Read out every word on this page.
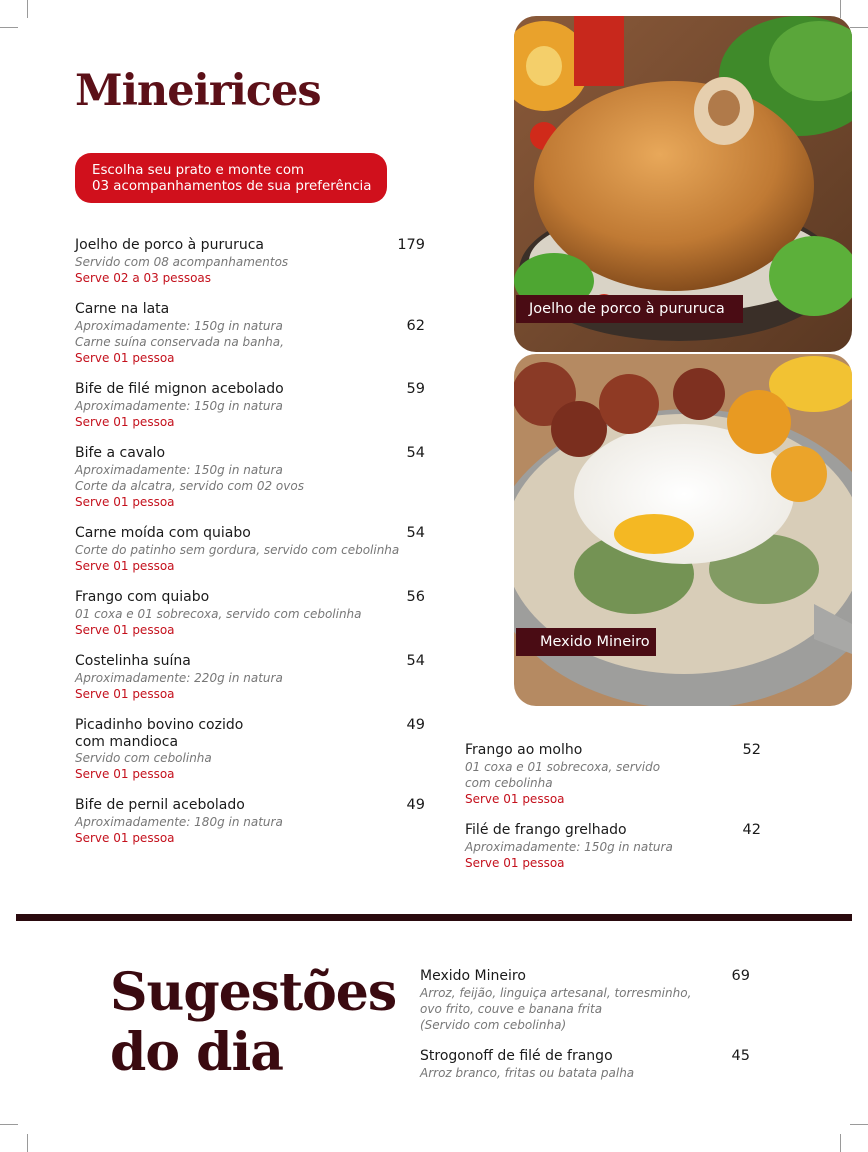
Mineirices
Escolha seu prato e monte com
03 acompanhamentos de sua preferência
Joelho de porco à pururuca
Servido com 08 acompanhamentos
Serve 02 a 03 pessoas
179
Carne na lata
Aproximadamente: 150g in natura
Carne suína conservada na banha,
Serve 01 pessoa
62
Bife de filé mignon acebolado
Aproximadamente: 150g in natura
Serve 01 pessoa
59
Bife a cavalo
Aproximadamente: 150g in natura
Corte da alcatra, servido com 02 ovos
Serve 01 pessoa
54
Carne moída com quiabo
Corte do patinho sem gordura, servido com cebolinha
Serve 01 pessoa
54
Frango com quiabo
01 coxa e 01 sobrecoxa, servido com cebolinha
Serve 01 pessoa
56
Costelinha suína
Aproximadamente: 220g in natura
Serve 01 pessoa
54
Picadinho bovino cozido
com mandioca
Servido com cebolinha
Serve 01 pessoa
49
Bife de pernil acebolado
Aproximadamente: 180g in natura
Serve 01 pessoa
49
Joelho de porco à pururuca
Mexido Mineiro
Frango ao molho
01 coxa e 01 sobrecoxa, servido
com cebolinha
Serve 01 pessoa
52
Filé de frango grelhado
Aproximadamente: 150g in natura
Serve 01 pessoa
42
Sugestões
do dia
Mexido Mineiro
Arroz, feijão, linguiça artesanal, torresminho,
ovo frito, couve e banana frita
(Servido com cebolinha)
69
Strogonoff de filé de frango
Arroz branco, fritas ou batata palha
45
